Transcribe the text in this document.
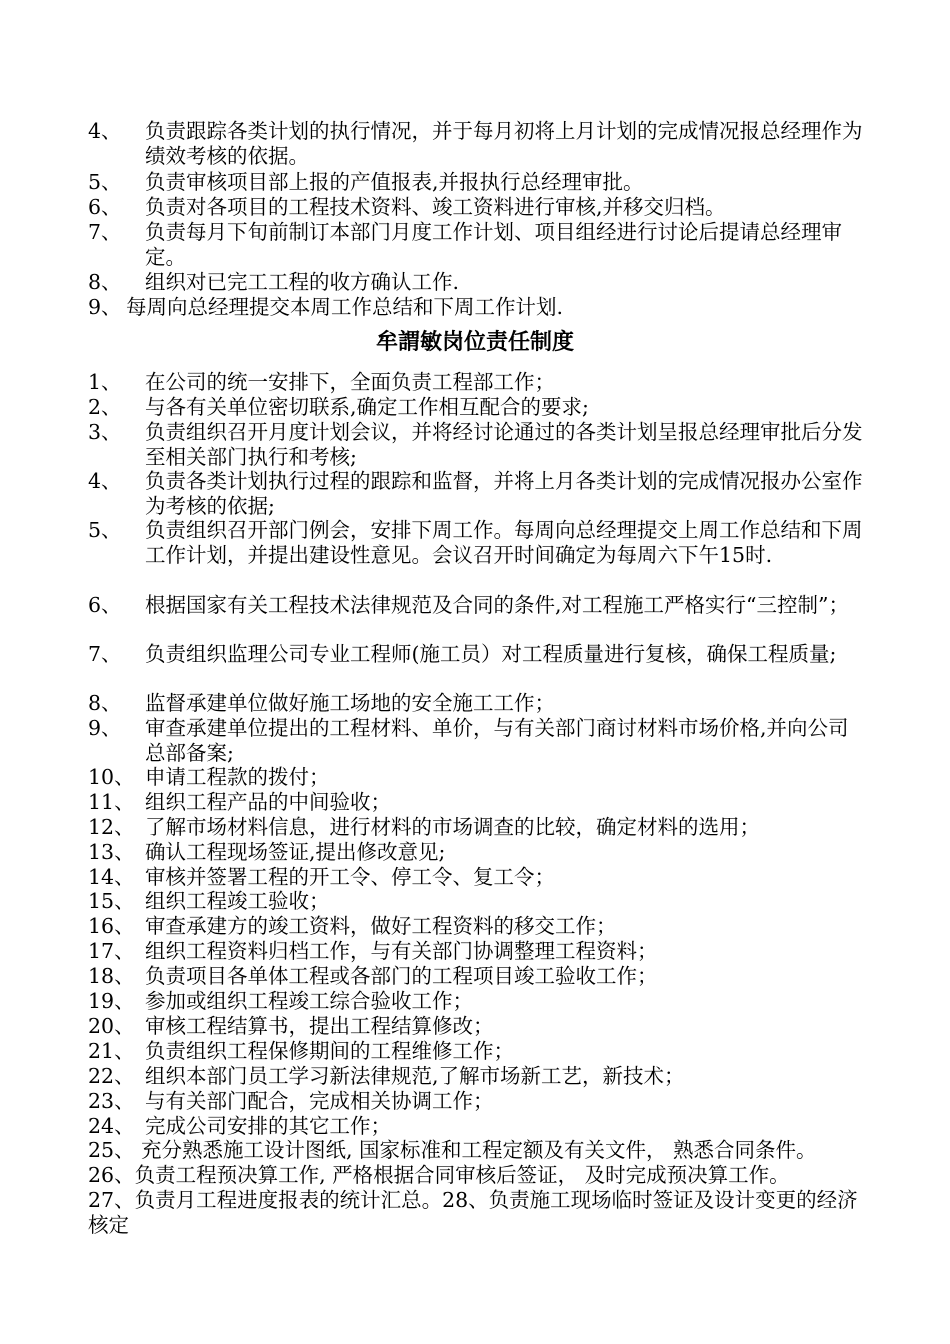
4、 负责跟踪各类计划的执行情况，并于每月初将上月计划的完成情况报总经理作为绩效考核的依据。
5、 负责审核项目部上报的产值报表,并报执行总经理审批。
6、 负责对各项目的工程技术资料、竣工资料进行审核,并移交归档。
7、 负责每月下旬前制订本部门月度工作计划、项目组经进行讨论后提请总经理审定。
8、 组织对已完工工程的收方确认工作.
9、 每周向总经理提交本周工作总结和下周工作计划.
牟謂敏岗位责任制度
1、 在公司的统一安排下，全面负责工程部工作；
2、 与各有关单位密切联系,确定工作相互配合的要求;
3、 负责组织召开月度计划会议，并将经讨论通过的各类计划呈报总经理审批后分发至相关部门执行和考核;
4、 负责各类计划执行过程的跟踪和监督，并将上月各类计划的完成情况报办公室作为考核的依据;
5、 负责组织召开部门例会，安排下周工作。每周向总经理提交上周工作总结和下周工作计划，并提出建设性意见。会议召开时间确定为每周六下午15时.
6、 根据国家有关工程技术法律规范及合同的条件,对工程施工严格实行“三控制”；
7、 负责组织监理公司专业工程师(施工员）对工程质量进行复核，确保工程质量;
8、 监督承建单位做好施工场地的安全施工工作；
9、 审查承建单位提出的工程材料、单价，与有关部门商讨材料市场价格,并向公司总部备案;
10、 申请工程款的拨付；
11、 组织工程产品的中间验收；
12、 了解市场材料信息，进行材料的市场调查的比较，确定材料的选用；
13、 确认工程现场签证,提出修改意见;
14、 审核并签署工程的开工令、停工令、复工令；
15、 组织工程竣工验收；
16、 审查承建方的竣工资料，做好工程资料的移交工作；
17、 组织工程资料归档工作，与有关部门协调整理工程资料；
18、 负责项目各单体工程或各部门的工程项目竣工验收工作；
19、 参加或组织工程竣工综合验收工作；
20、 审核工程结算书，提出工程结算修改；
21、 负责组织工程保修期间的工程维修工作；
22、 组织本部门员工学习新法律规范,了解市场新工艺，新技术；
23、 与有关部门配合，完成相关协调工作；
24、 完成公司安排的其它工作；
25、 充分熟悉施工设计图纸, 国家标准和工程定额及有关文件， 熟悉合同条件。
26、负责工程预决算工作, 严格根据合同审核后签证， 及时完成预决算工作。
27、负责月工程进度报表的统计汇总。28、负责施工现场临时签证及设计变更的经济核定
